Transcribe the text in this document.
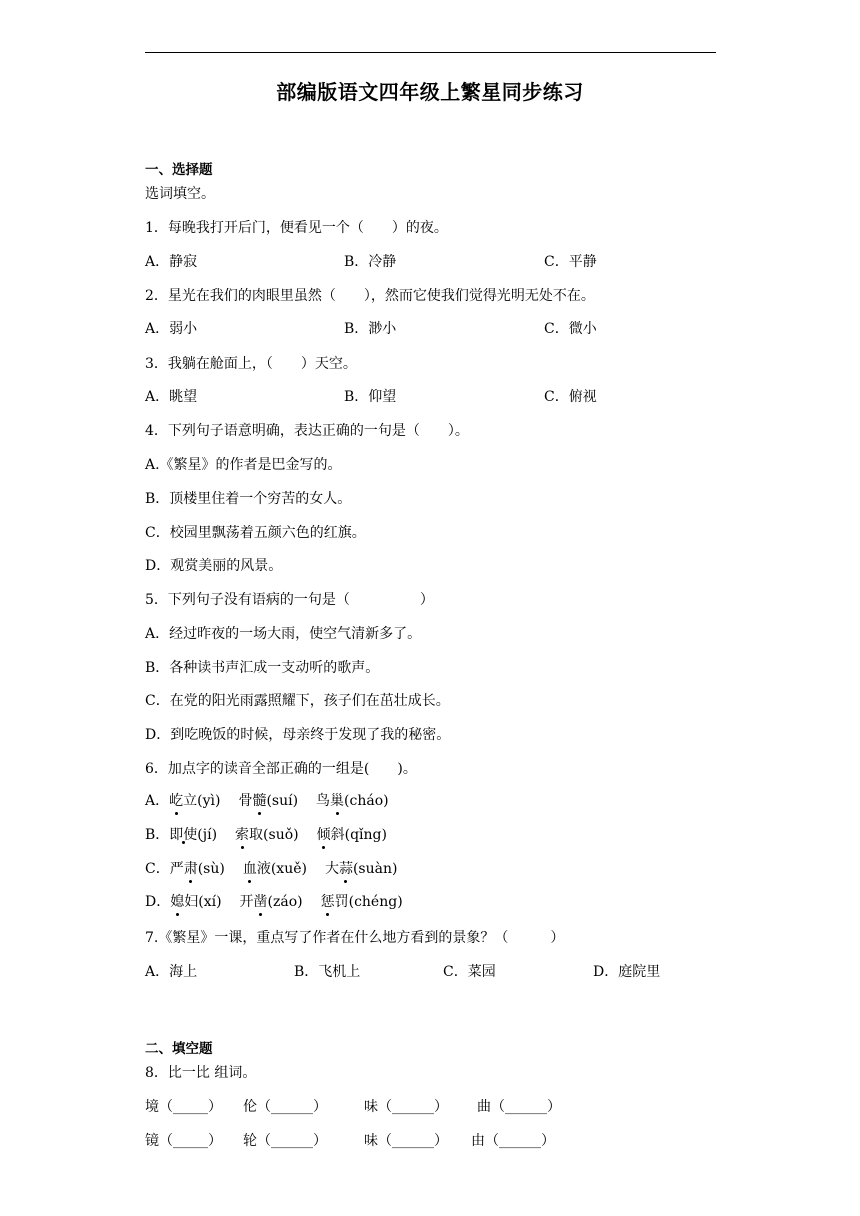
部编版语文四年级上繁星同步练习
一、选择题
选词填空。
1．每晚我打开后门，便看见一个（　　）的夜。
A．静寂	B．冷静	C．平静
2．星光在我们的肉眼里虽然（　　），然而它使我们觉得光明无处不在。
A．弱小	B．渺小	C．微小
3．我躺在舱面上，（　　）天空。
A．眺望	B．仰望	C．俯视
4．下列句子语意明确，表达正确的一句是（　　）。
A.《繁星》的作者是巴金写的。
B．顶楼里住着一个穷苦的女人。
C．校园里飘荡着五颜六色的红旗。
D．观赏美丽的风景。
5．下列句子没有语病的一句是（　　　　　）
A．经过昨夜的一场大雨，使空气清新多了。
B．各种读书声汇成一支动听的歌声。
C．在党的阳光雨露照耀下，孩子们在茁壮成长。
D．到吃晚饭的时候，母亲终于发现了我的秘密。
6．加点字的读音全部正确的一组是(　　)。
A．屹立(yì) 骨髓(suí) 鸟巢(cháo)
B．即使(jí) 索取(suǒ) 倾斜(qǐng)
C．严肃(sù) 血液(xuě) 大蒜(suàn)
D．媳妇(xí) 开凿(záo) 惩罚(chéng)
7.《繁星》一课，重点写了作者在什么地方看到的景象？（　　　）
A．海上	B．飞机上	C．菜园	D．庭院里
二、填空题
8．比一比 组词。
境（_____） 伦（______）	味（______） 曲（______）
镜（_____） 轮（______）	味（______） 由（______）
